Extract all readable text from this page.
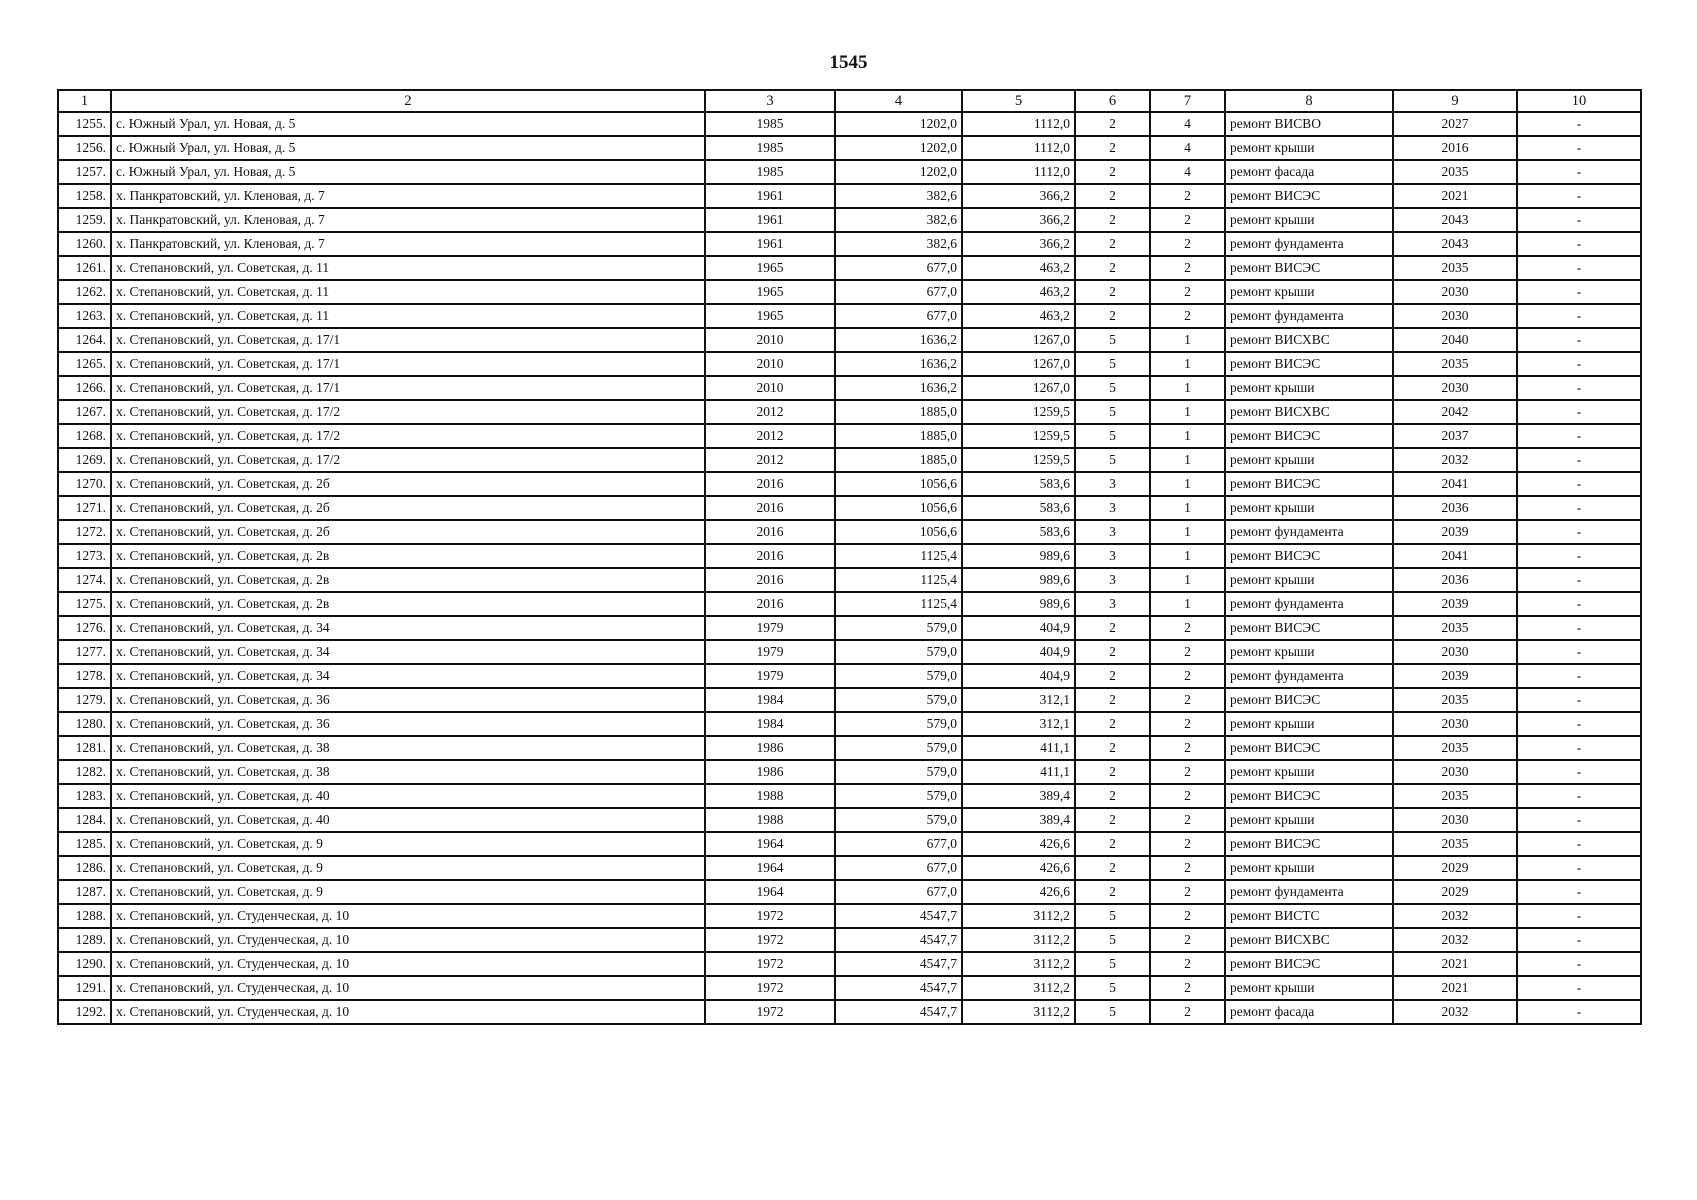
1545
1	2	3	4	5	6	7	8	9	10
1255.	с. Южный Урал, ул. Новая, д. 5	1985	1202,0	1112,0	2	4	ремонт ВИСВО	2027	-
1256.	с. Южный Урал, ул. Новая, д. 5	1985	1202,0	1112,0	2	4	ремонт крыши	2016	-
1257.	с. Южный Урал, ул. Новая, д. 5	1985	1202,0	1112,0	2	4	ремонт фасада	2035	-
1258.	х. Панкратовский, ул. Кленовая, д. 7	1961	382,6	366,2	2	2	ремонт ВИСЭС	2021	-
1259.	х. Панкратовский, ул. Кленовая, д. 7	1961	382,6	366,2	2	2	ремонт крыши	2043	-
1260.	х. Панкратовский, ул. Кленовая, д. 7	1961	382,6	366,2	2	2	ремонт фундамента	2043	-
1261.	х. Степановский, ул. Советская, д. 11	1965	677,0	463,2	2	2	ремонт ВИСЭС	2035	-
1262.	х. Степановский, ул. Советская, д. 11	1965	677,0	463,2	2	2	ремонт крыши	2030	-
1263.	х. Степановский, ул. Советская, д. 11	1965	677,0	463,2	2	2	ремонт фундамента	2030	-
1264.	х. Степановский, ул. Советская, д. 17/1	2010	1636,2	1267,0	5	1	ремонт ВИСХВС	2040	-
1265.	х. Степановский, ул. Советская, д. 17/1	2010	1636,2	1267,0	5	1	ремонт ВИСЭС	2035	-
1266.	х. Степановский, ул. Советская, д. 17/1	2010	1636,2	1267,0	5	1	ремонт крыши	2030	-
1267.	х. Степановский, ул. Советская, д. 17/2	2012	1885,0	1259,5	5	1	ремонт ВИСХВС	2042	-
1268.	х. Степановский, ул. Советская, д. 17/2	2012	1885,0	1259,5	5	1	ремонт ВИСЭС	2037	-
1269.	х. Степановский, ул. Советская, д. 17/2	2012	1885,0	1259,5	5	1	ремонт крыши	2032	-
1270.	х. Степановский, ул. Советская, д. 2б	2016	1056,6	583,6	3	1	ремонт ВИСЭС	2041	-
1271.	х. Степановский, ул. Советская, д. 2б	2016	1056,6	583,6	3	1	ремонт крыши	2036	-
1272.	х. Степановский, ул. Советская, д. 2б	2016	1056,6	583,6	3	1	ремонт фундамента	2039	-
1273.	х. Степановский, ул. Советская, д. 2в	2016	1125,4	989,6	3	1	ремонт ВИСЭС	2041	-
1274.	х. Степановский, ул. Советская, д. 2в	2016	1125,4	989,6	3	1	ремонт крыши	2036	-
1275.	х. Степановский, ул. Советская, д. 2в	2016	1125,4	989,6	3	1	ремонт фундамента	2039	-
1276.	х. Степановский, ул. Советская, д. 34	1979	579,0	404,9	2	2	ремонт ВИСЭС	2035	-
1277.	х. Степановский, ул. Советская, д. 34	1979	579,0	404,9	2	2	ремонт крыши	2030	-
1278.	х. Степановский, ул. Советская, д. 34	1979	579,0	404,9	2	2	ремонт фундамента	2039	-
1279.	х. Степановский, ул. Советская, д. 36	1984	579,0	312,1	2	2	ремонт ВИСЭС	2035	-
1280.	х. Степановский, ул. Советская, д. 36	1984	579,0	312,1	2	2	ремонт крыши	2030	-
1281.	х. Степановский, ул. Советская, д. 38	1986	579,0	411,1	2	2	ремонт ВИСЭС	2035	-
1282.	х. Степановский, ул. Советская, д. 38	1986	579,0	411,1	2	2	ремонт крыши	2030	-
1283.	х. Степановский, ул. Советская, д. 40	1988	579,0	389,4	2	2	ремонт ВИСЭС	2035	-
1284.	х. Степановский, ул. Советская, д. 40	1988	579,0	389,4	2	2	ремонт крыши	2030	-
1285.	х. Степановский, ул. Советская, д. 9	1964	677,0	426,6	2	2	ремонт ВИСЭС	2035	-
1286.	х. Степановский, ул. Советская, д. 9	1964	677,0	426,6	2	2	ремонт крыши	2029	-
1287.	х. Степановский, ул. Советская, д. 9	1964	677,0	426,6	2	2	ремонт фундамента	2029	-
1288.	х. Степановский, ул. Студенческая, д. 10	1972	4547,7	3112,2	5	2	ремонт ВИСТС	2032	-
1289.	х. Степановский, ул. Студенческая, д. 10	1972	4547,7	3112,2	5	2	ремонт ВИСХВС	2032	-
1290.	х. Степановский, ул. Студенческая, д. 10	1972	4547,7	3112,2	5	2	ремонт ВИСЭС	2021	-
1291.	х. Степановский, ул. Студенческая, д. 10	1972	4547,7	3112,2	5	2	ремонт крыши	2021	-
1292.	х. Степановский, ул. Студенческая, д. 10	1972	4547,7	3112,2	5	2	ремонт фасада	2032	-
